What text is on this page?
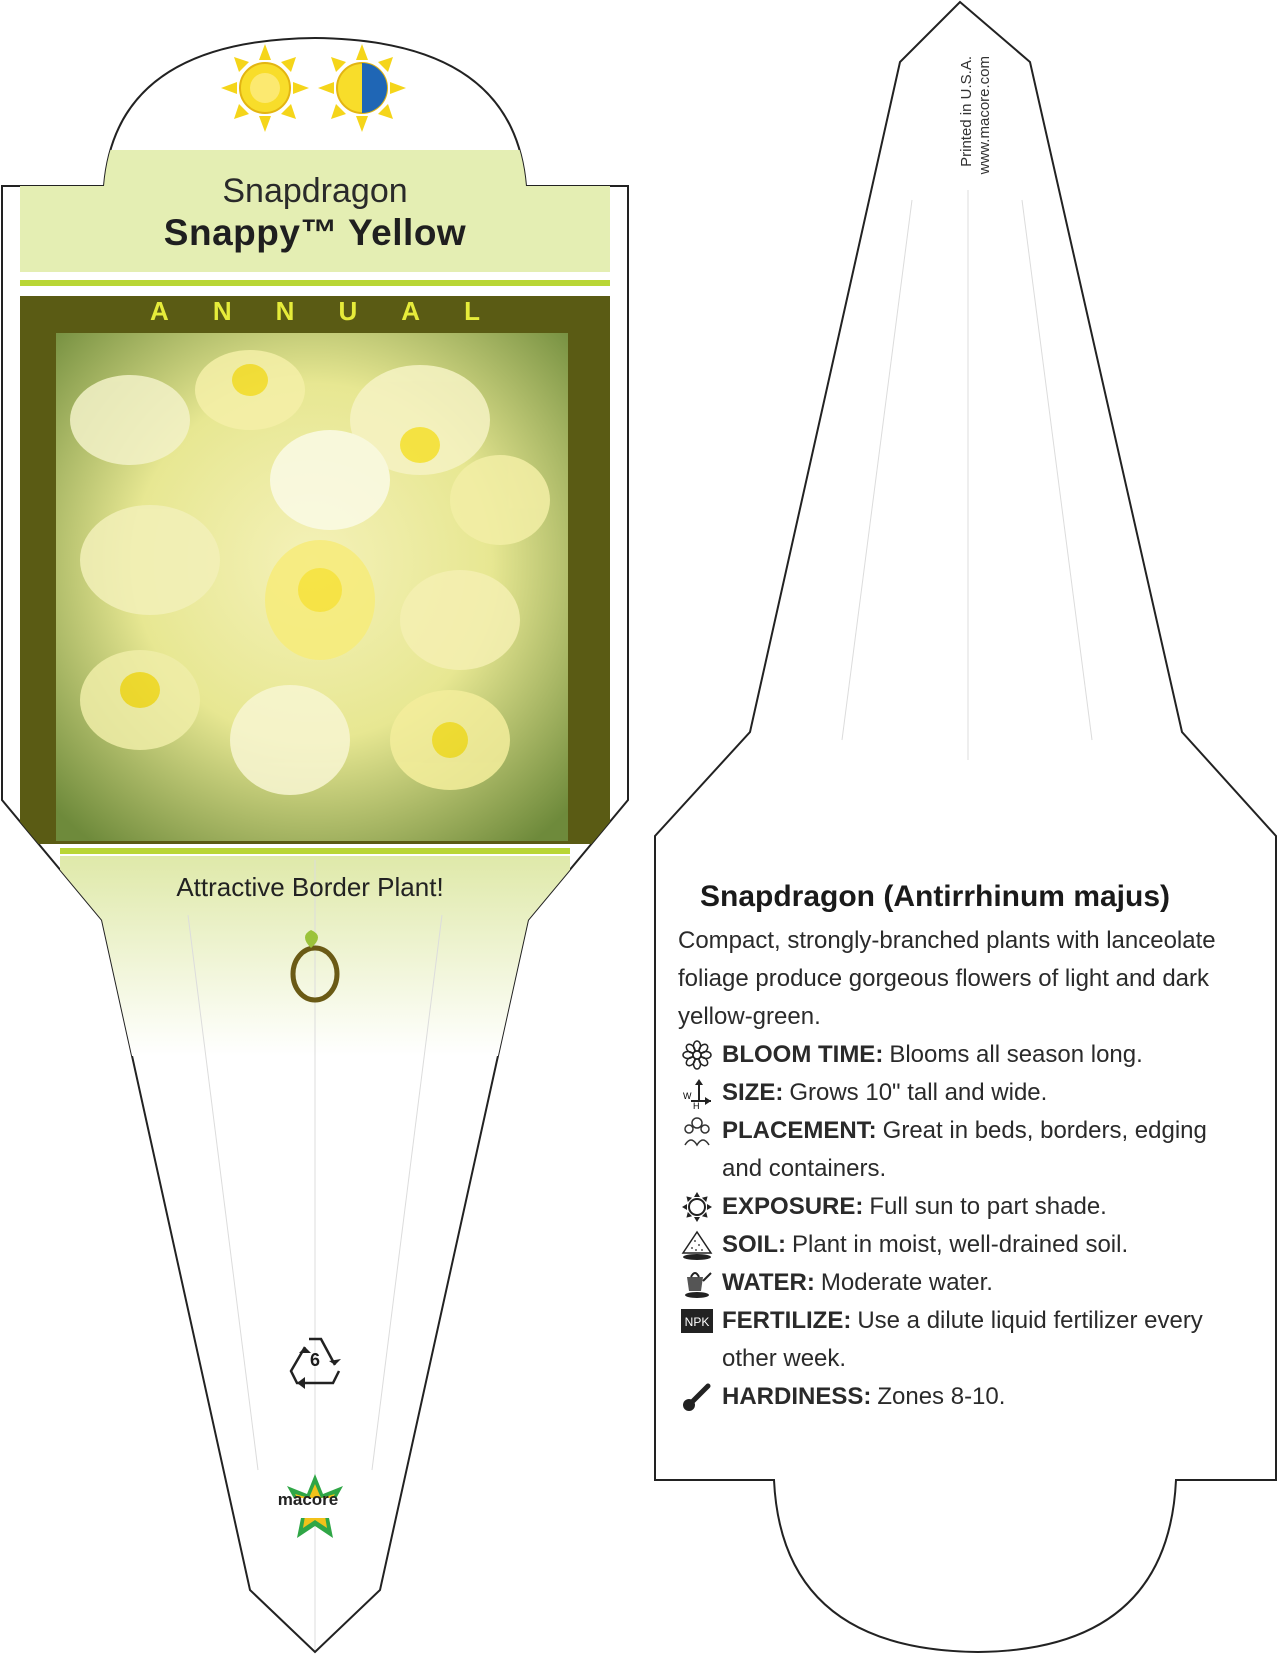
Snapdragon
Snappy™ Yellow
A N N U A L
Attractive Border Plant!
6
macore
Printed in U.S.A. www.macore.com
Snapdragon (Antirrhinum majus)

Compact, strongly-branched plants with lanceolate foliage produce gorgeous flowers of light and dark yellow-green.

BLOOM TIME: Blooms all season long.
W
H SIZE: Grows 10" tall and wide.
PLACEMENT: Great in beds, borders, edging and containers.
EXPOSURE: Full sun to part shade.
SOIL: Plant in moist, well-drained soil.
WATER: Moderate water.
NPK FERTILIZE: Use a dilute liquid fertilizer every other week.
HARDINESS: Zones 8-10.
